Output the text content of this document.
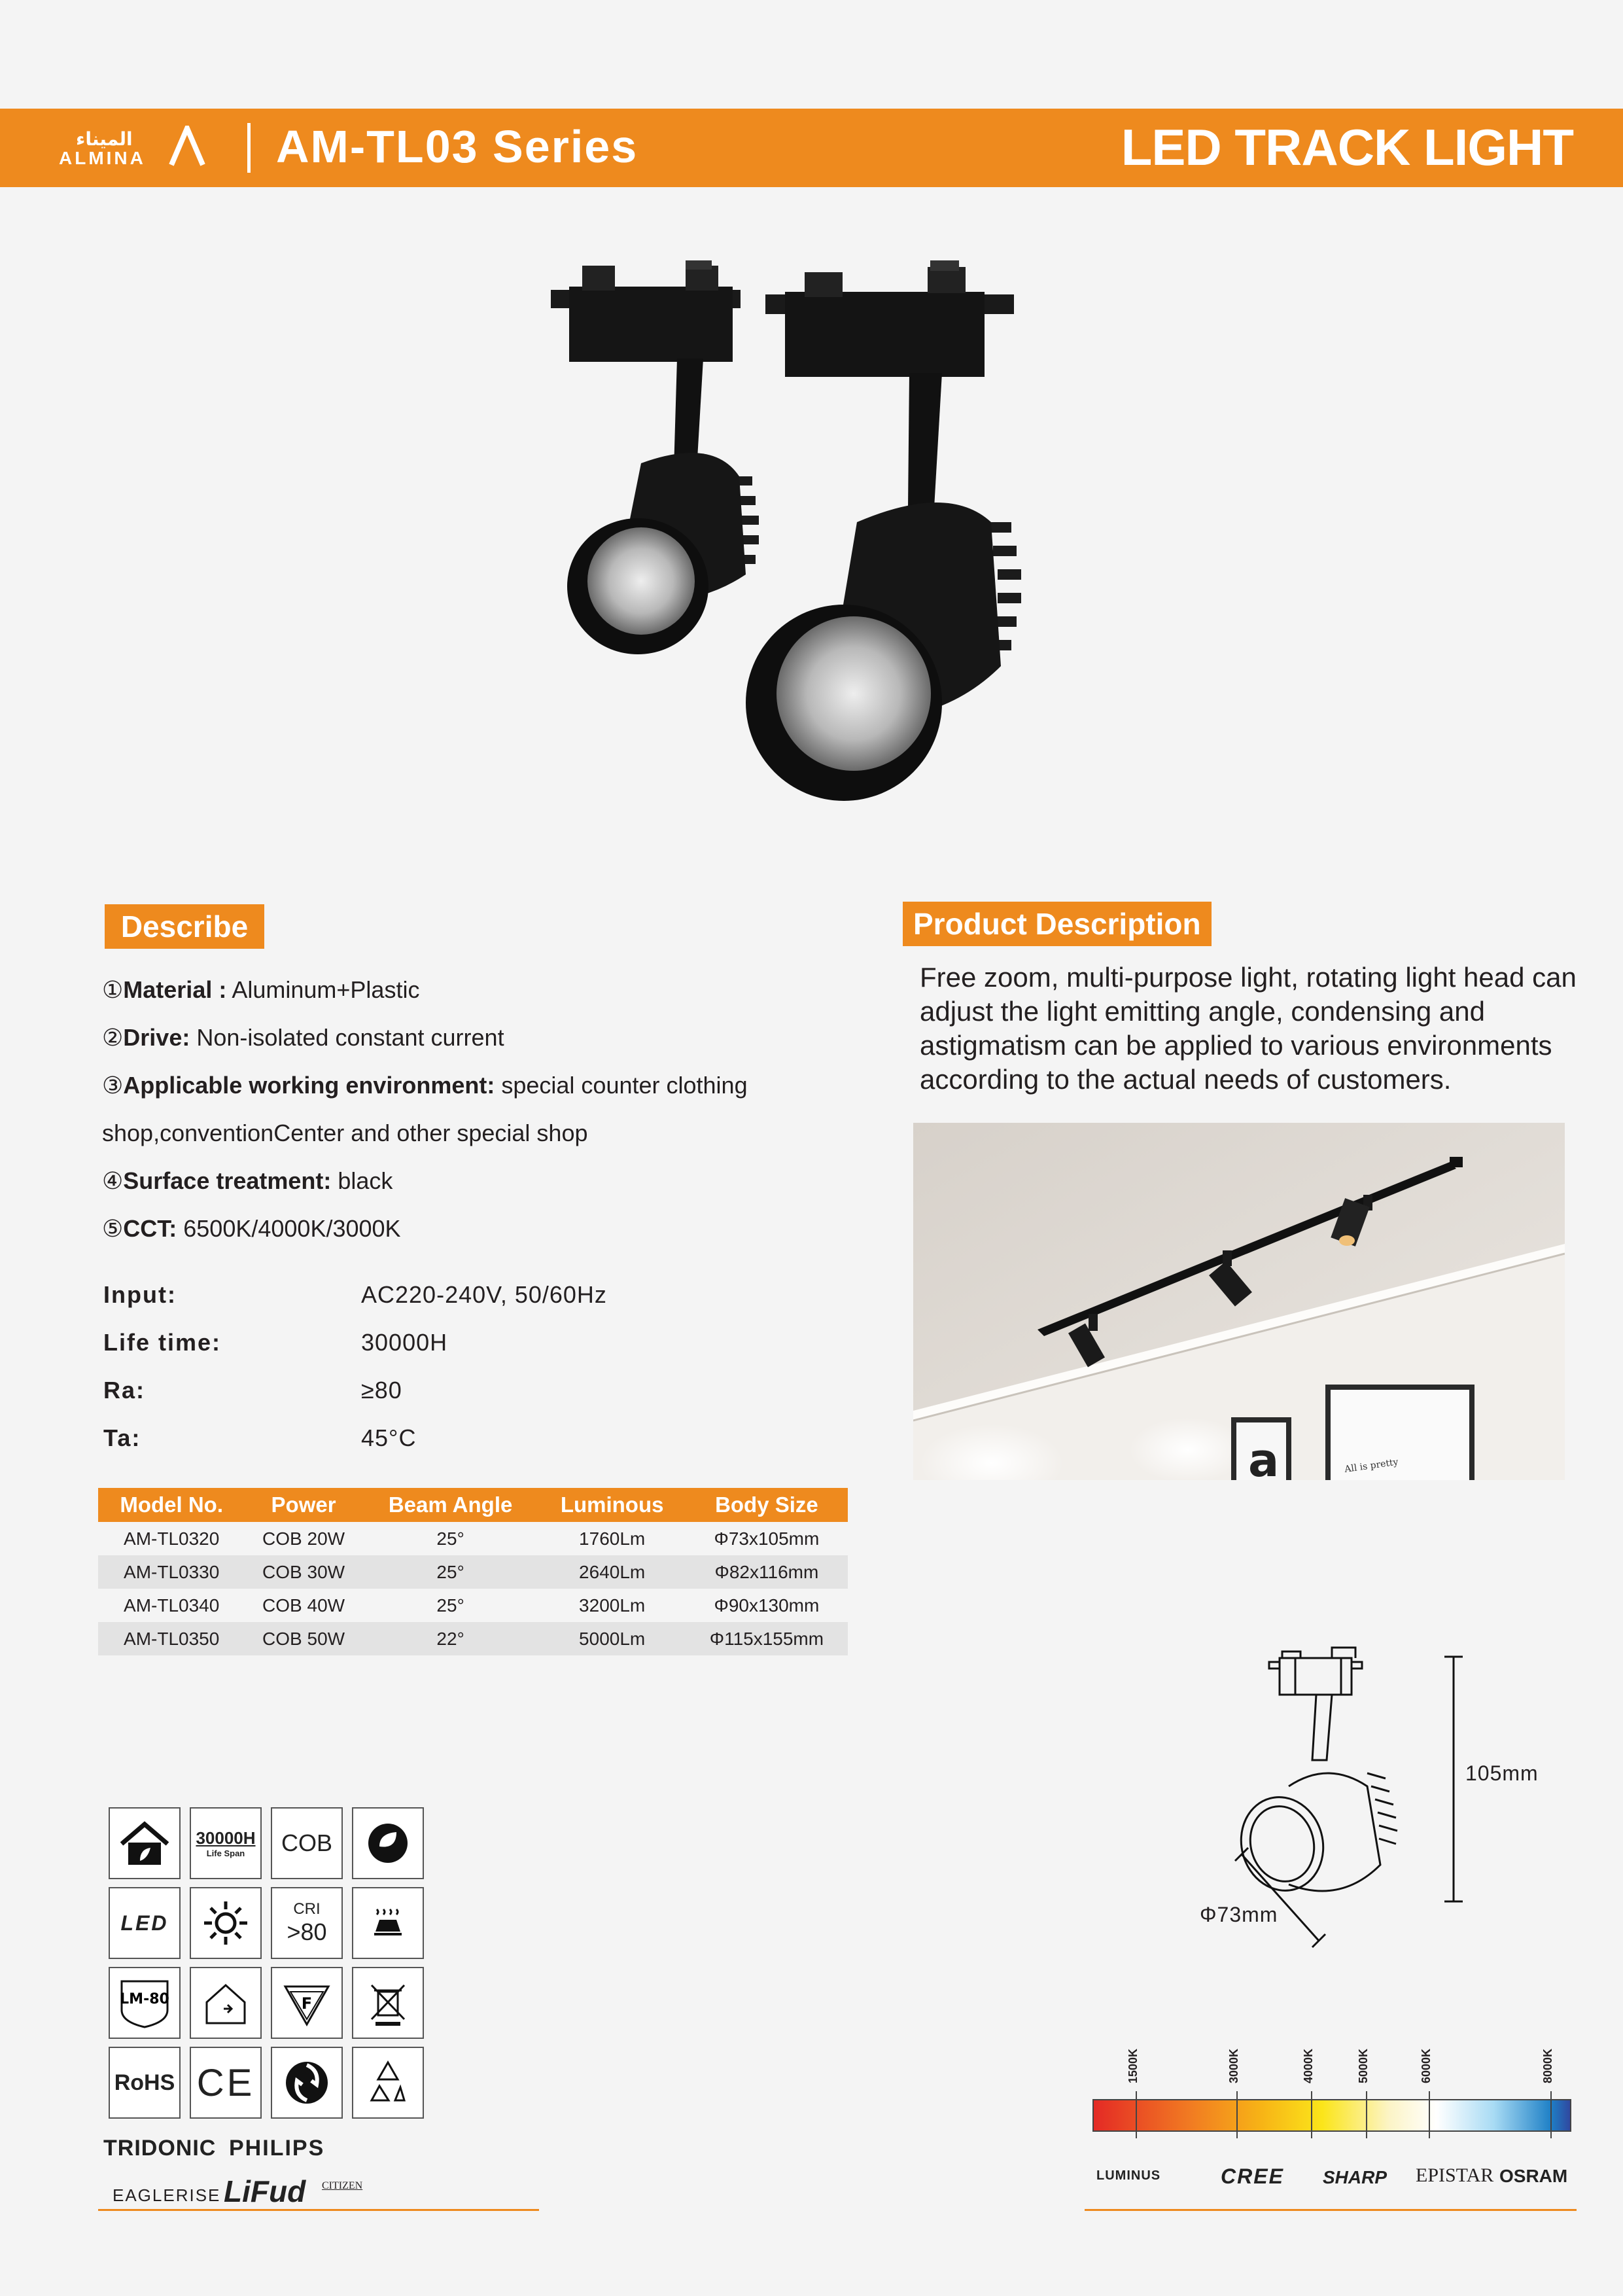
الميناء
ALMINA	AM-TL03 Series	LED TRACK LIGHT
Describe
①Material : Aluminum+Plastic
②Drive: Non-isolated constant current
③Applicable working environment: special counter clothing
shop,conventionCenter and other special shop
④Surface treatment: black
⑤CCT: 6500K/4000K/3000K
Input:	AC220-240V, 50/60Hz
Life time:	30000H
Ra:	≥80
Ta:	45°C
Model No.	Power	Beam Angle	Luminous	Body Size
AM-TL0320	COB 20W	25°	1760Lm	Φ73x105mm
AM-TL0330	COB 30W	25°	2640Lm	Φ82x116mm
AM-TL0340	COB 40W	25°	3200Lm	Φ90x130mm
AM-TL0350	COB 50W	22°	5000Lm	Φ115x155mm
Product Description
Free zoom, multi-purpose light, rotating light head can adjust the light emitting angle, condensing and astigmatism can be applied to various environments according to the actual needs of customers.
a	All is pretty
30000H
Life Span COB
LED
CRI
>80
LM-80	F
RoHS CE
TRIDONIC PHILIPS
EAGLERISE LiFud CITIZEN
105mm
Φ73mm
1500K	3000K	4000K	5000K	6000K	8000K
LUMINUS	CREE SHARP EPISTAR OSRAM
